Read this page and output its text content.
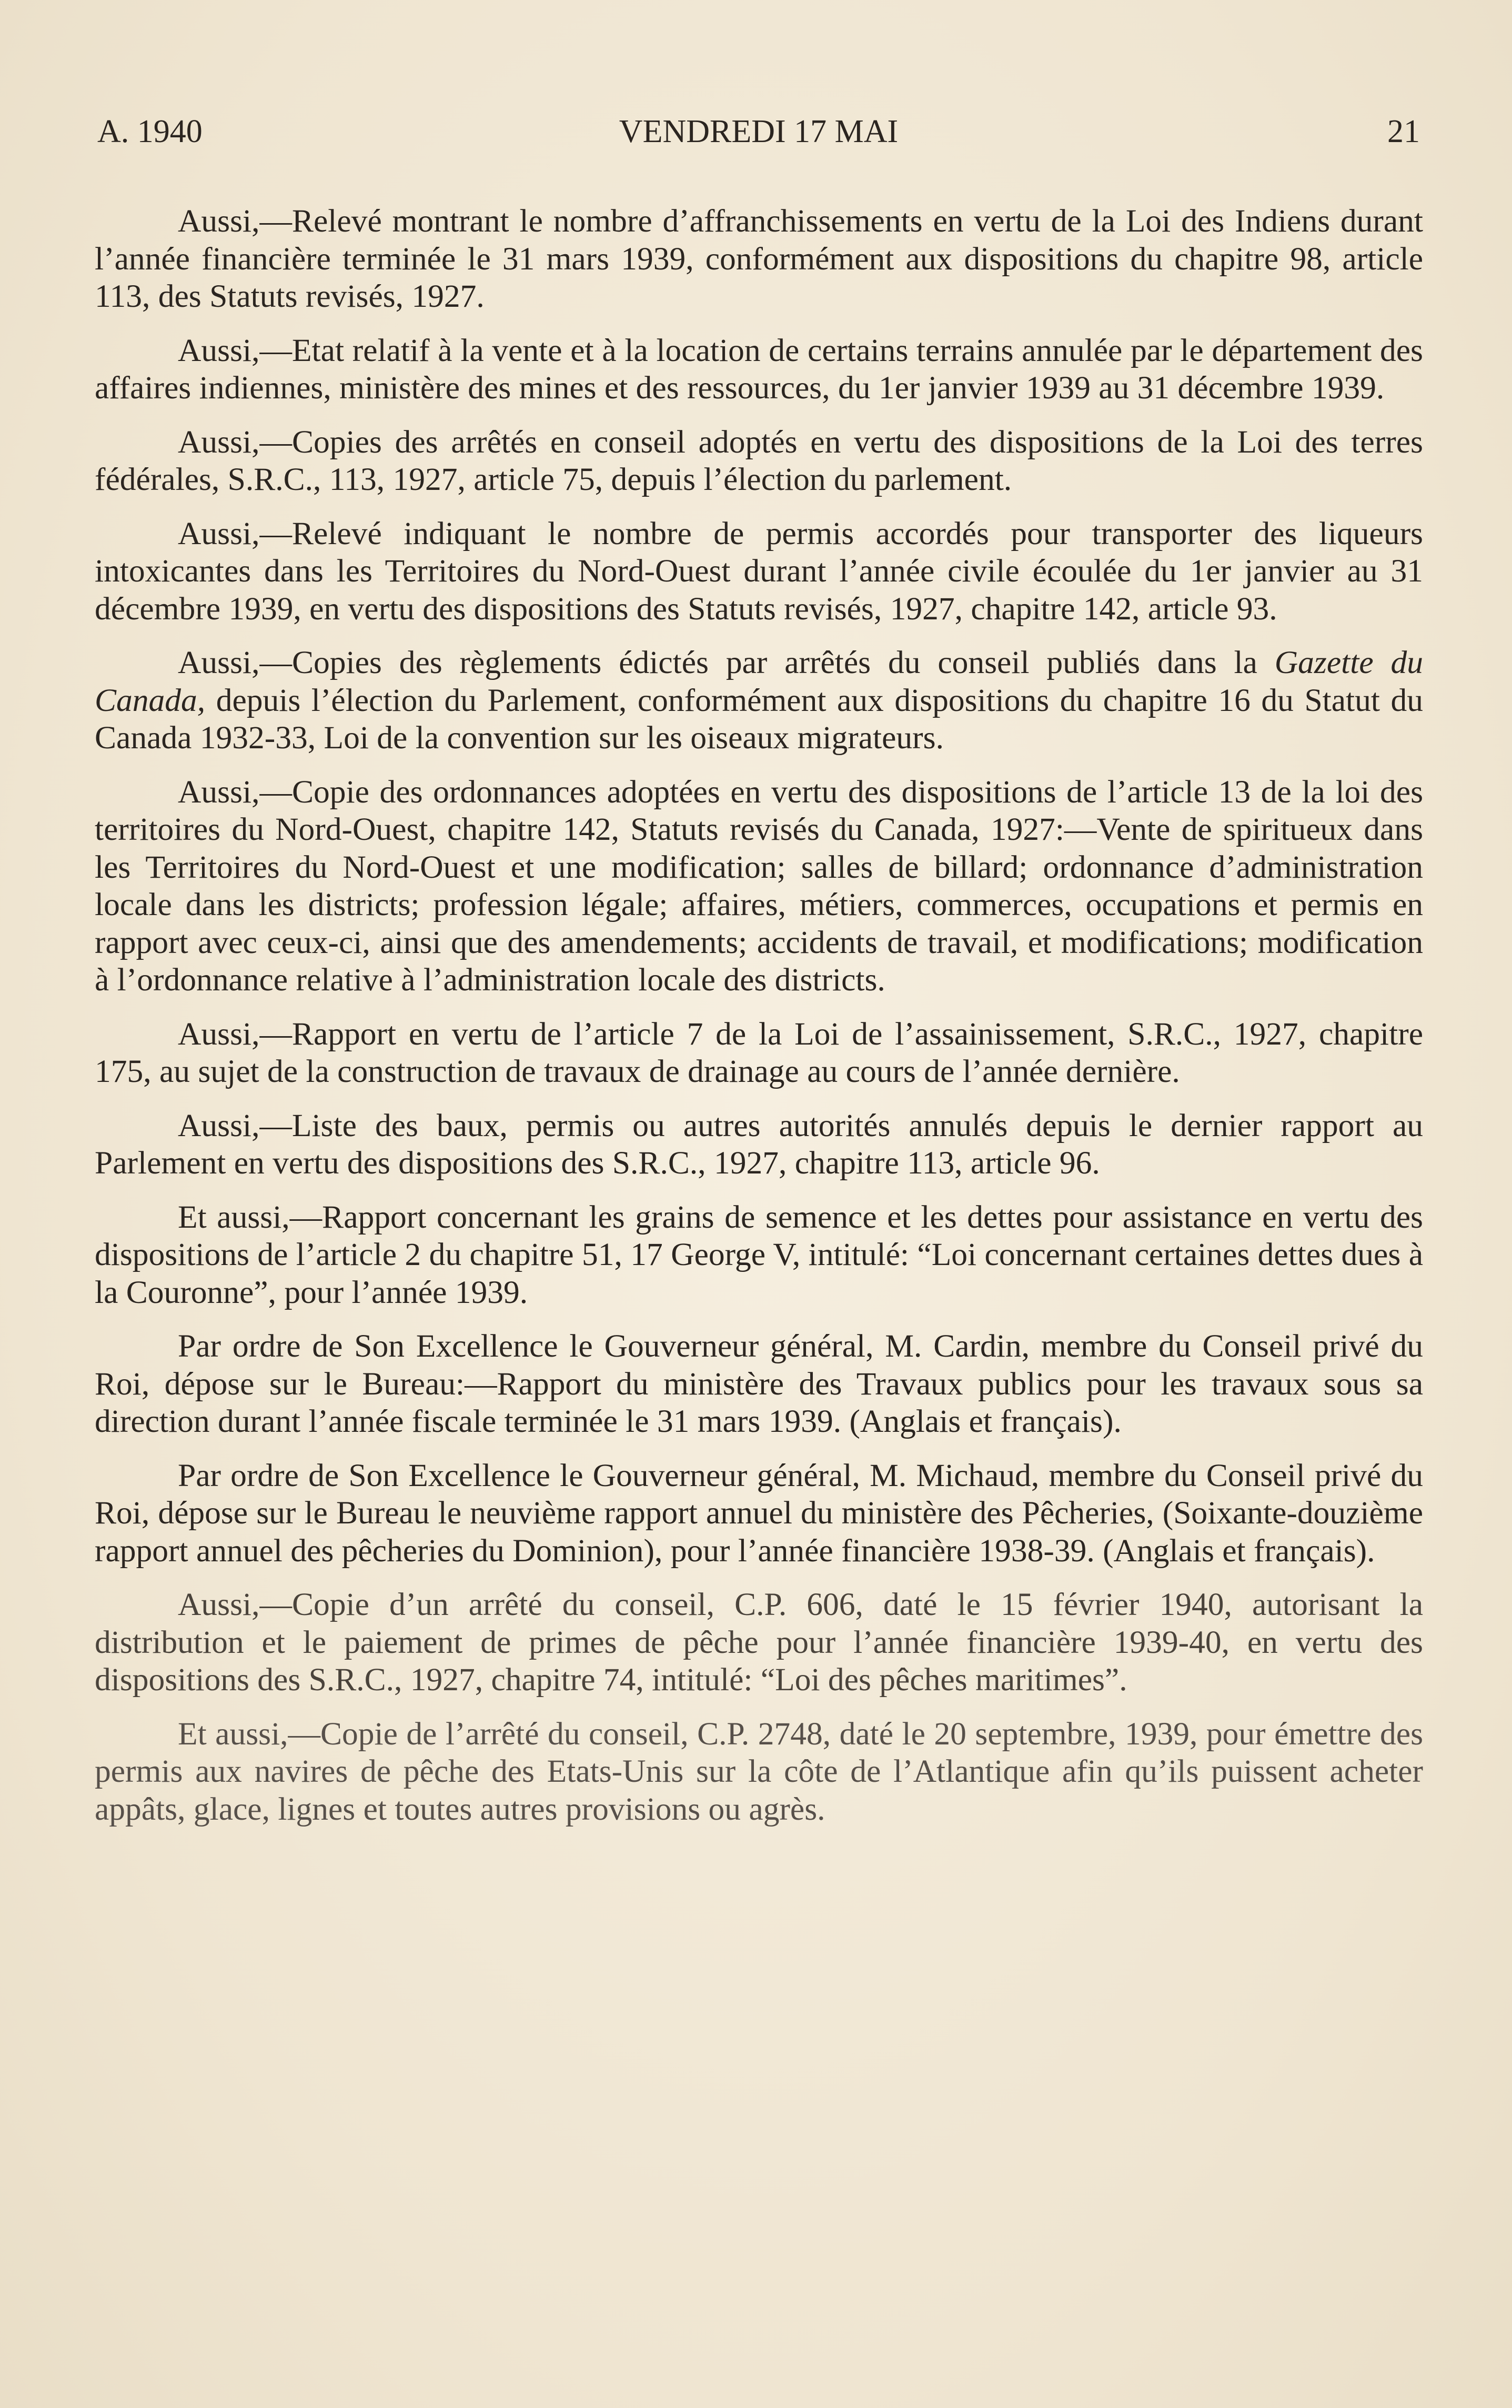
A. 1940	VENDREDI 17 MAI	21

Aussi,—Relevé montrant le nombre d’affranchissements en vertu de la Loi des Indiens durant l’année financière terminée le 31 mars 1939, conformément aux dispositions du chapitre 98, article 113, des Statuts revisés, 1927.

Aussi,—Etat relatif à la vente et à la location de certains terrains annulée par le département des affaires indiennes, ministère des mines et des ressources, du 1er janvier 1939 au 31 décembre 1939.

Aussi,—Copies des arrêtés en conseil adoptés en vertu des dispositions de la Loi des terres fédérales, S.R.C., 113, 1927, article 75, depuis l’élection du parlement.

Aussi,—Relevé indiquant le nombre de permis accordés pour transporter des liqueurs intoxicantes dans les Territoires du Nord-Ouest durant l’année civile écoulée du 1er janvier au 31 décembre 1939, en vertu des dispositions des Statuts revisés, 1927, chapitre 142, article 93.

Aussi,—Copies des règlements édictés par arrêtés du conseil publiés dans la Gazette du Canada, depuis l’élection du Parlement, conformément aux dispositions du chapitre 16 du Statut du Canada 1932-33, Loi de la convention sur les oiseaux migrateurs.

Aussi,—Copie des ordonnances adoptées en vertu des dispositions de l’article 13 de la loi des territoires du Nord-Ouest, chapitre 142, Statuts revisés du Canada, 1927:—Vente de spiritueux dans les Territoires du Nord-Ouest et une modification; salles de billard; ordonnance d’administration locale dans les districts; profession légale; affaires, métiers, commerces, occupations et permis en rapport avec ceux-ci, ainsi que des amendements; accidents de travail, et modifications; modification à l’ordonnance relative à l’administration locale des districts.

Aussi,—Rapport en vertu de l’article 7 de la Loi de l’assainissement, S.R.C., 1927, chapitre 175, au sujet de la construction de travaux de drainage au cours de l’année dernière.

Aussi,—Liste des baux, permis ou autres autorités annulés depuis le dernier rapport au Parlement en vertu des dispositions des S.R.C., 1927, chapitre 113, article 96.

Et aussi,—Rapport concernant les grains de semence et les dettes pour assistance en vertu des dispositions de l’article 2 du chapitre 51, 17 George V, intitulé: “Loi concernant certaines dettes dues à la Couronne”, pour l’année 1939.

Par ordre de Son Excellence le Gouverneur général, M. Cardin, membre du Conseil privé du Roi, dépose sur le Bureau:—Rapport du ministère des Travaux publics pour les travaux sous sa direction durant l’année fiscale terminée le 31 mars 1939. (Anglais et français).

Par ordre de Son Excellence le Gouverneur général, M. Michaud, membre du Conseil privé du Roi, dépose sur le Bureau le neuvième rapport annuel du ministère des Pêcheries, (Soixante-douzième rapport annuel des pêcheries du Dominion), pour l’année financière 1938-39. (Anglais et français).

Aussi,—Copie d’un arrêté du conseil, C.P. 606, daté le 15 février 1940, autorisant la distribution et le paiement de primes de pêche pour l’année financière 1939-40, en vertu des dispositions des S.R.C., 1927, chapitre 74, intitulé: “Loi des pêches maritimes”.

Et aussi,—Copie de l’arrêté du conseil, C.P. 2748, daté le 20 septembre, 1939, pour émettre des permis aux navires de pêche des Etats-Unis sur la côte de l’Atlantique afin qu’ils puissent acheter appâts, glace, lignes et toutes autres provisions ou agrès.
